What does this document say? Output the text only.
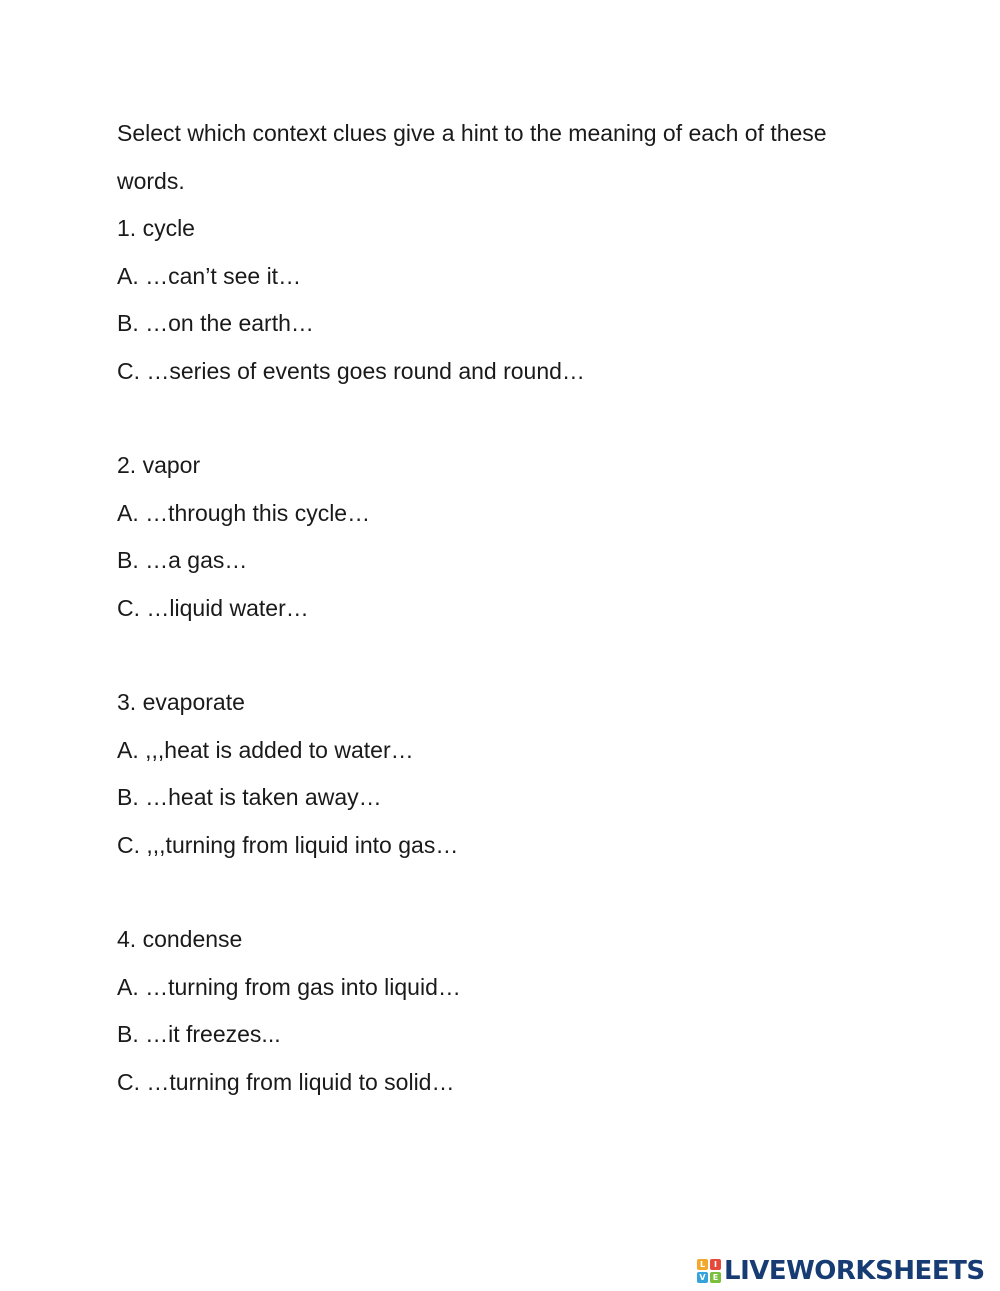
Select which context clues give a hint to the meaning of each of these
words.
1. cycle
A. …can’t see it…
B. …on the earth…
C. …series of events goes round and round…
2. vapor
A. …through this cycle…
B. …a gas…
C. …liquid water…
3. evaporate
A. ,,,heat is added to water…
B. …heat is taken away…
C. ,,,turning from liquid into gas…
4. condense
A. …turning from gas into liquid…
B. …it freezes...
C. …turning from liquid to solid…
L	I
V E LIVEWORKSHEETS
